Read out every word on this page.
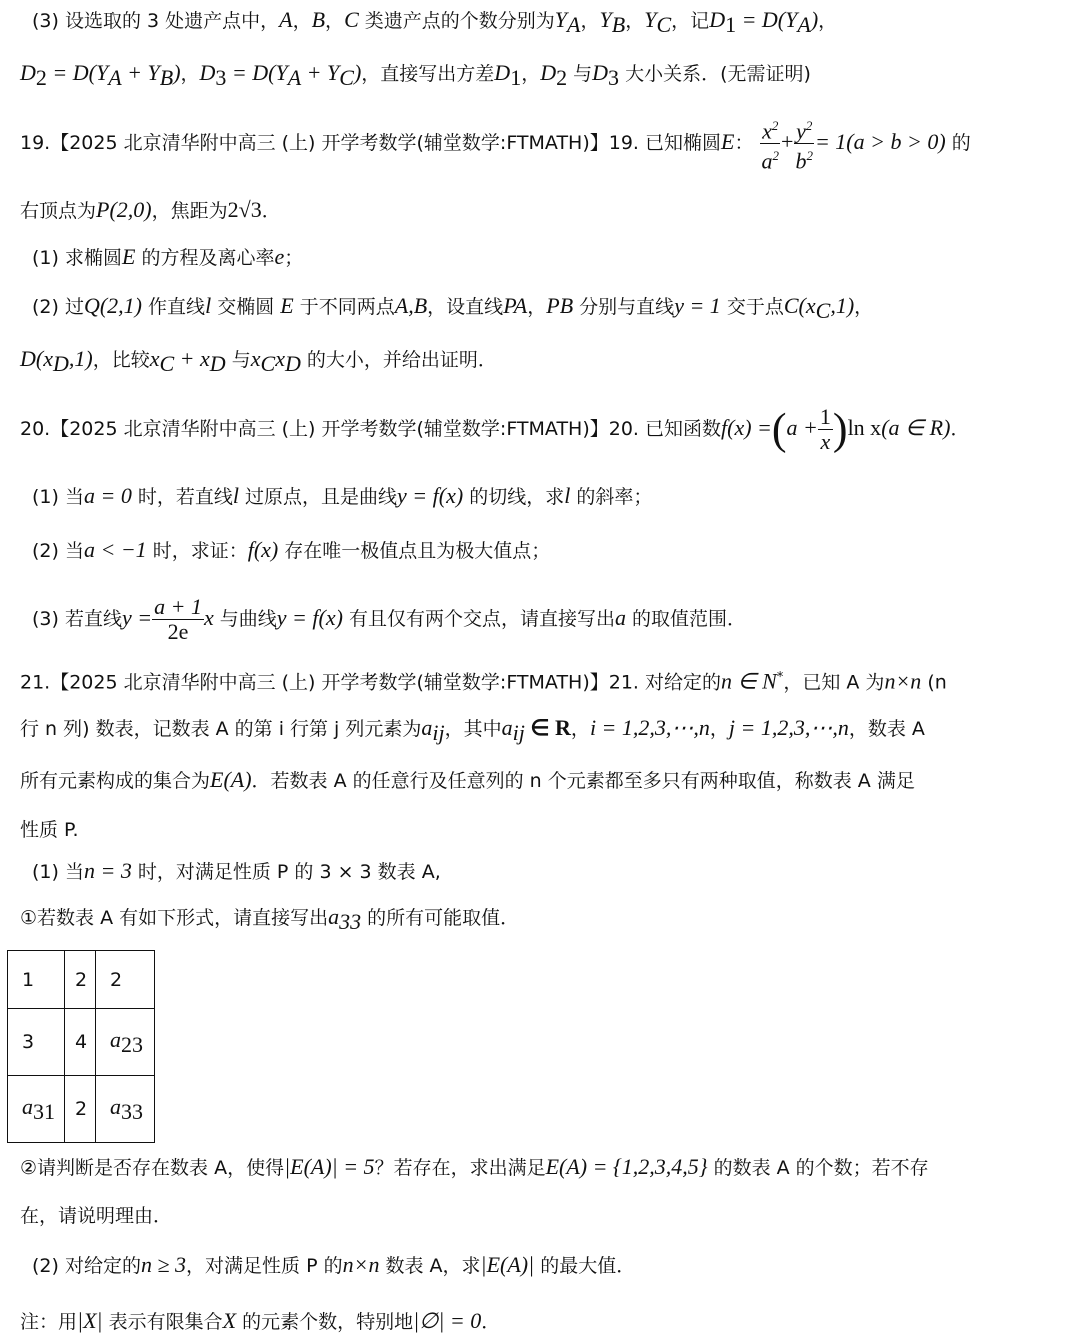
(3) 设选取的 3 处遗产点中，A，B，C 类遗产点的个数分别为$Y_A$，$Y_B$，$Y_C$，记$D_1 = D(Y_A)$，
$D_2 = D(Y_A + Y_B)$，$D_3 = D(Y_A + Y_C)$，直接写出方差$D_1$，$D_2$ 与$D_3$ 大小关系．(无需证明)
19.【2025 北京清华附中高三 (上) 开学考数学(辅堂数学:FTMATH)】19. 已知椭圆E： $\frac{x^2}{a^2} + \frac{y^2}{b^2} = 1(a > b > 0)$ 的
右顶点为P(2,0)，焦距为2√3．
(1) 求椭圆E 的方程及离心率e；
(2) 过Q(2,1) 作直线l 交椭圆 E 于不同两点A,B，设直线PA，PB 分别与直线y = 1 交于点$C(x_C,1)$，
$D(x_D,1)$，比较$x_C + x_D$ 与$x_Cx_D$ 的大小，并给出证明．
20.【2025 北京清华附中高三 (上) 开学考数学(辅堂数学:FTMATH)】20. 已知函数$f(x) =(a + \frac{1}{x} )\ln$ x(a ∈ R)．
(1) 当a = 0 时，若直线l 过原点，且是曲线y = f(x) 的切线，求l 的斜率；
(2) 当a < −1 时，求证：f(x) 存在唯一极值点且为极大值点；
(3) 若直线$y = \frac{a + 1}{2e}$ x 与曲线y = f(x) 有且仅有两个交点，请直接写出a 的取值范围．
21.【2025 北京清华附中高三 (上) 开学考数学(辅堂数学:FTMATH)】21. 对给定的n ∈ N*，已知 A 为n×n (n
行 n 列) 数表，记数表 A 的第 i 行第 j 列元素为$a_{ij}$，其中$a_{ij}$ ∈ R，i = 1,2,3,⋯,n，j = 1,2,3,⋯,n，数表 A
所有元素构成的集合为E(A)．若数表 A 的任意行及任意列的 n 个元素都至多只有两种取值，称数表 A 满足
性质 P.
(1) 当n = 3 时，对满足性质 P 的 3 × 3 数表 A,
①若数表 A 有如下形式，请直接写出$a_{33}$ 的所有可能取值．
1	2	2
3	4	$a_{23}$
$a_{31}$	2	$a_{33}$
②请判断是否存在数表 A，使得|E(A)| = 5？若存在，求出满足E(A) = {1,2,3,4,5} 的数表 A 的个数；若不存
在，请说明理由．
(2) 对给定的n ≥ 3，对满足性质 P 的n×n 数表 A，求|E(A)| 的最大值．
注：用|X| 表示有限集合X 的元素个数，特别地|∅| = 0．
